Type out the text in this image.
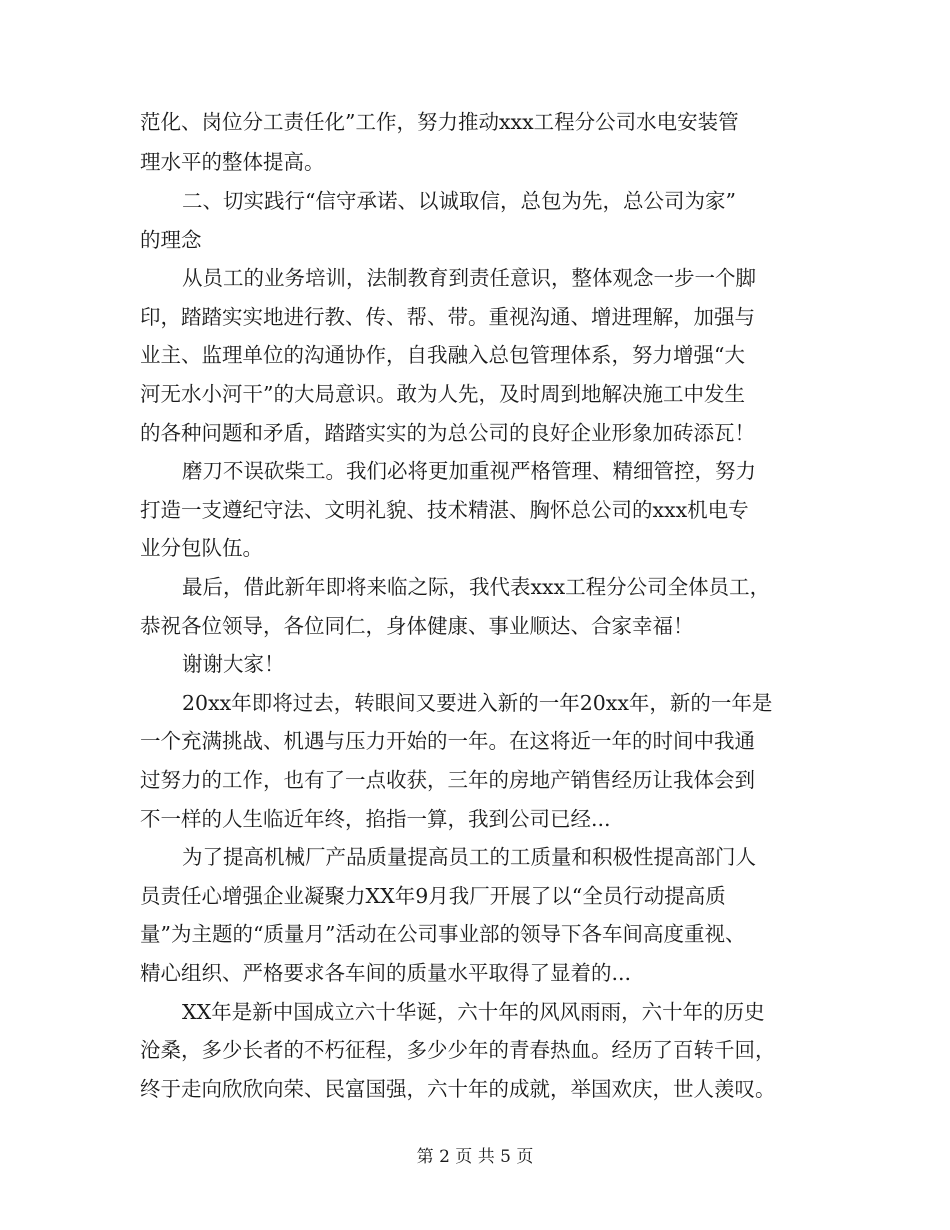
范化、岗位分工责任化”工作，努力推动xxx工程分公司水电安装管
理水平的整体提高。
二、切实践行“信守承诺、以诚取信，总包为先，总公司为家”
的理念
从员工的业务培训，法制教育到责任意识，整体观念一步一个脚
印，踏踏实实地进行教、传、帮、带。重视沟通、增进理解，加强与
业主、监理单位的沟通协作，自我融入总包管理体系，努力增强“大
河无水小河干”的大局意识。敢为人先，及时周到地解决施工中发生
的各种问题和矛盾，踏踏实实的为总公司的良好企业形象加砖添瓦！
磨刀不误砍柴工。我们必将更加重视严格管理、精细管控，努力
打造一支遵纪守法、文明礼貌、技术精湛、胸怀总公司的xxx机电专
业分包队伍。
最后，借此新年即将来临之际，我代表xxx工程分公司全体员工，
恭祝各位领导，各位同仁，身体健康、事业顺达、合家幸福！
谢谢大家！
20xx年即将过去，转眼间又要进入新的一年20xx年，新的一年是
一个充满挑战、机遇与压力开始的一年。在这将近一年的时间中我通
过努力的工作，也有了一点收获，三年的房地产销售经历让我体会到
不一样的人生临近年终，掐指一算，我到公司已经...
为了提高机械厂产品质量提高员工的工质量和积极性提高部门人
员责任心增强企业凝聚力XX年9月我厂开展了以“全员行动提高质
量”为主题的“质量月”活动在公司事业部的领导下各车间高度重视、
精心组织、严格要求各车间的质量水平取得了显着的...
XX年是新中国成立六十华诞，六十年的风风雨雨，六十年的历史
沧桑，多少长者的不朽征程，多少少年的青春热血。经历了百转千回，
终于走向欣欣向荣、民富国强，六十年的成就，举国欢庆，世人羡叹。
第 2 页 共 5 页
